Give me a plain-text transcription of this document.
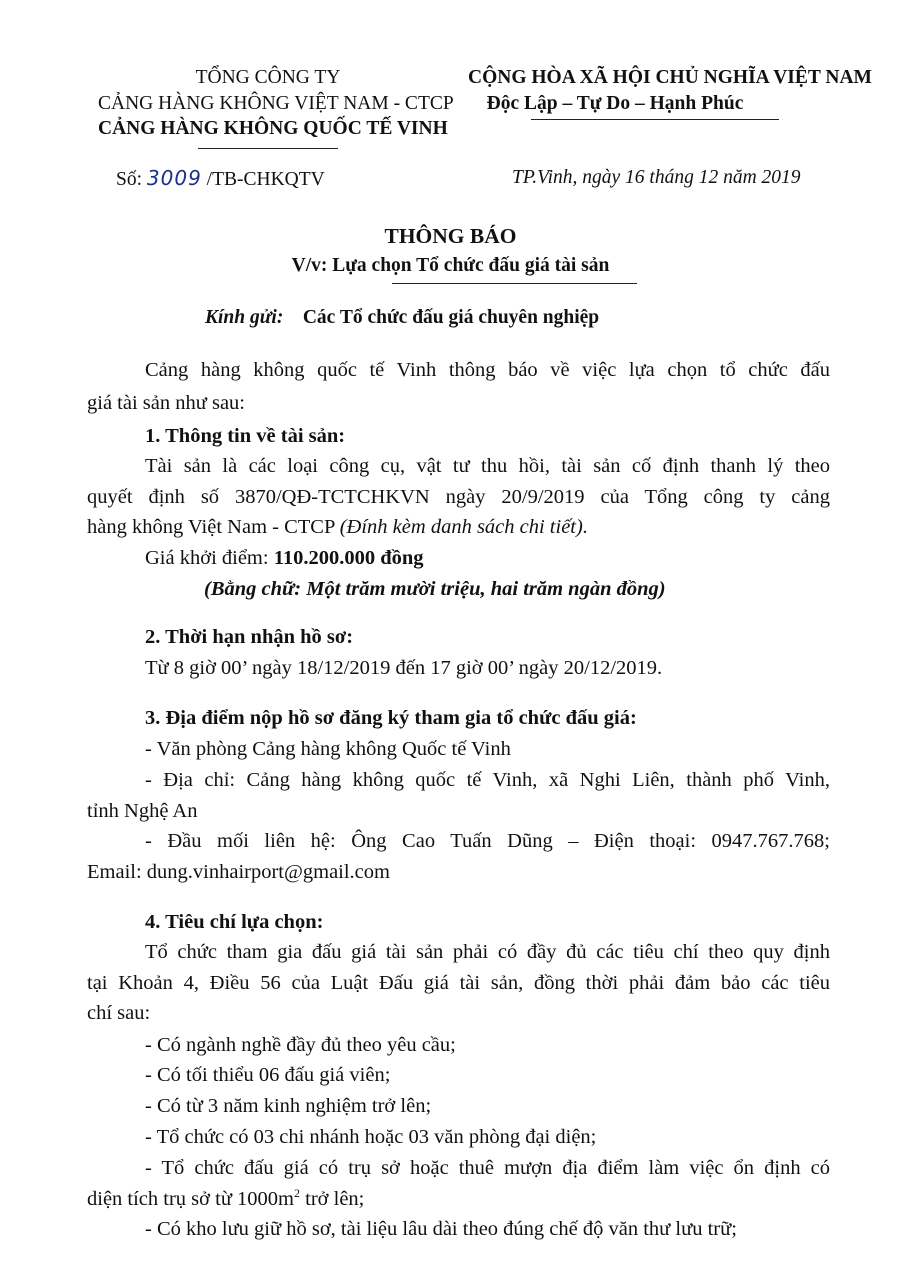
TỔNG CÔNG TY
CẢNG HÀNG KHÔNG VIỆT NAM - CTCP
CẢNG HÀNG KHÔNG QUỐC TẾ VINH
CỘNG HÒA XÃ HỘI CHỦ NGHĨA VIỆT NAM
Độc Lập – Tự Do – Hạnh Phúc
Số: 3009 /TB-CHKQTV	TP.Vinh, ngày 16 tháng 12 năm 2019
THÔNG BÁO
V/v: Lựa chọn Tổ chức đấu giá tài sản
Kính gửi: Các Tổ chức đấu giá chuyên nghiệp
Cảng hàng không quốc tế Vinh thông báo về việc lựa chọn tổ chức đấu
giá tài sản như sau:
1. Thông tin về tài sản:
Tài sản là các loại công cụ, vật tư thu hồi, tài sản cố định thanh lý theo
quyết định số 3870/QĐ-TCTCHKVN ngày 20/9/2019 của Tổng công ty cảng
hàng không Việt Nam - CTCP (Đính kèm danh sách chi tiết).
Giá khởi điểm: 110.200.000 đồng
(Bằng chữ: Một trăm mười triệu, hai trăm ngàn đồng)
2. Thời hạn nhận hồ sơ:
Từ 8 giờ 00’ ngày 18/12/2019 đến 17 giờ 00’ ngày 20/12/2019.
3. Địa điểm nộp hồ sơ đăng ký tham gia tổ chức đấu giá:
- Văn phòng Cảng hàng không Quốc tế Vinh
- Địa chỉ: Cảng hàng không quốc tế Vinh, xã Nghi Liên, thành phố Vinh,
tỉnh Nghệ An
- Đầu mối liên hệ: Ông Cao Tuấn Dũng – Điện thoại: 0947.767.768;
Email: dung.vinhairport@gmail.com
4. Tiêu chí lựa chọn:
Tổ chức tham gia đấu giá tài sản phải có đầy đủ các tiêu chí theo quy định
tại Khoản 4, Điều 56 của Luật Đấu giá tài sản, đồng thời phải đảm bảo các tiêu
chí sau:
- Có ngành nghề đầy đủ theo yêu cầu;
- Có tối thiểu 06 đấu giá viên;
- Có từ 3 năm kinh nghiệm trở lên;
- Tổ chức có 03 chi nhánh hoặc 03 văn phòng đại diện;
- Tổ chức đấu giá có trụ sở hoặc thuê mượn địa điểm làm việc ổn định có
diện tích trụ sở từ $1000m^2$ trở lên;
- Có kho lưu giữ hồ sơ, tài liệu lâu dài theo đúng chế độ văn thư lưu trữ;
